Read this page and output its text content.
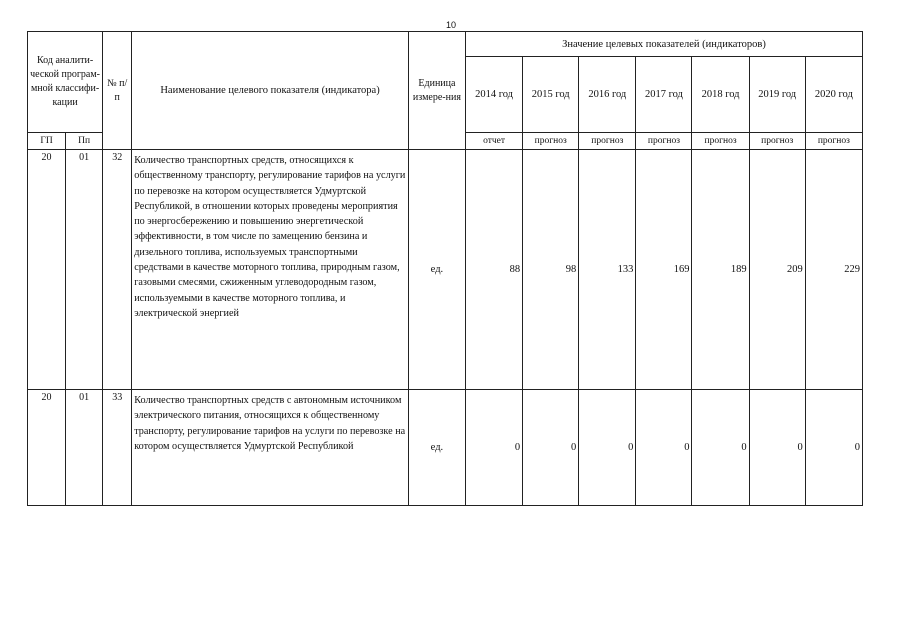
10
Код аналити-ческой програм-мной классифи-кации		№ п/п	Наименование целевого показателя (индикатора)	Единица измере-ния	Значение целевых показателей (индикаторов)						
					2014 год	2015 год	2016 год	2017 год	2018 год	2019 год	2020 год
ГП	Пп				отчет	прогноз	прогноз	прогноз	прогноз	прогноз	прогноз
20	01	32	Количество транспортных средств, относящихся к общественному транспорту, регулирование тарифов на услуги по перевозке на котором осуществляется Удмуртской Республикой, в отношении которых проведены мероприятия по энергосбережению и повышению энергетической эффективности, в том числе по замещению бензина и дизельного топлива, используемых транспортными средствами в качестве моторного топлива, природным газом, газовыми смесями, сжиженным углеводородным газом, используемыми в качестве моторного топлива, и электрической энергией	ед.	88	98	133	169	189	209	229
20	01	33	Количество транспортных средств с автономным источником электрического питания, относящихся к общественному транспорту, регулирование тарифов на услуги по перевозке на котором осуществляется Удмуртской Республикой	ед.	0	0	0	0	0	0	0
